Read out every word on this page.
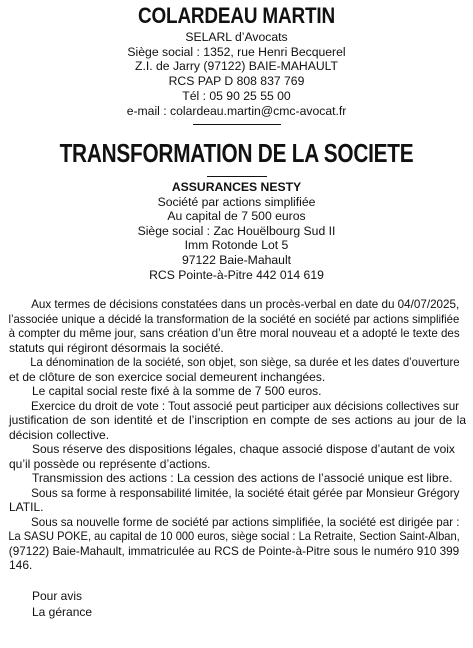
COLARDEAU MARTIN
SELARL d’Avocats
Siège social : 1352, rue Henri Becquerel
Z.I. de Jarry (97122) BAIE-MAHAULT
RCS PAP D 808 837 769
Tél : 05 90 25 55 00
e-mail : colardeau.martin@cmc-avocat.fr
TRANSFORMATION DE LA SOCIETE
ASSURANCES NESTY
Société par actions simplifiée
Au capital de 7 500 euros
Siège social : Zac Houëlbourg Sud II
Imm Rotonde Lot 5
97122 Baie-Mahault
RCS Pointe-à-Pitre 442 014 619
Aux termes de décisions constatées dans un procès-verbal en date du 04/07/2025,
l’associée unique a décidé la transformation de la société en société par actions simplifiée
à compter du même jour, sans création d’un être moral nouveau et a adopté le texte des
statuts qui régiront désormais la société.
La dénomination de la société, son objet, son siège, sa durée et les dates d’ouverture
et de clôture de son exercice social demeurent inchangées.
Le capital social reste fixé à la somme de 7 500 euros.
Exercice du droit de vote : Tout associé peut participer aux décisions collectives sur
justification de son identité et de l’inscription en compte de ses actions au jour de la
décision collective.
Sous réserve des dispositions légales, chaque associé dispose d’autant de voix
qu’il possède ou représente d’actions.
Transmission des actions : La cession des actions de l’associé unique est libre.
Sous sa forme à responsabilité limitée, la société était gérée par Monsieur Grégory
LATIL.
Sous sa nouvelle forme de société par actions simplifiée, la société est dirigée par :
La SASU POKE, au capital de 10 000 euros, siège social : La Retraite, Section Saint-Alban,
(97122) Baie-Mahault, immatriculée au RCS de Pointe-à-Pitre sous le numéro 910 399
146.
Pour avis
La gérance
